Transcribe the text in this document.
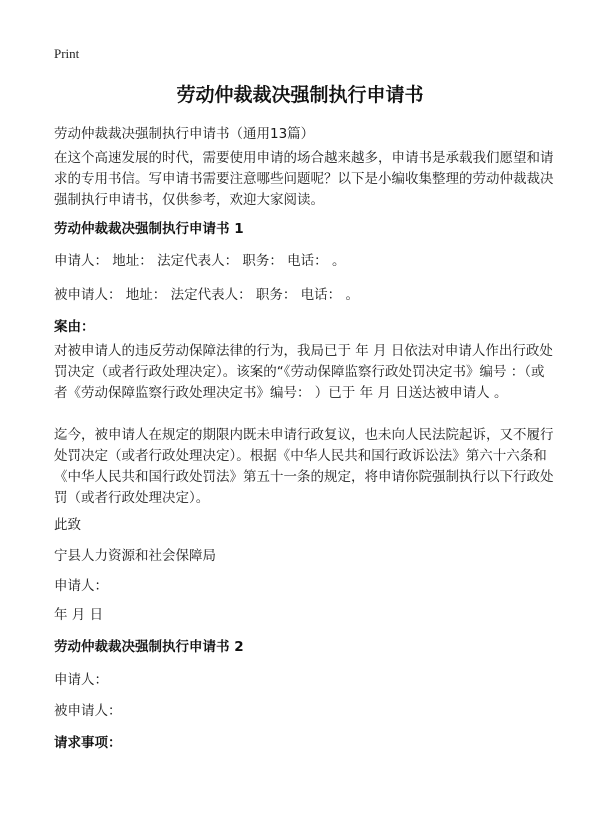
Print
劳动仲裁裁决强制执行申请书
劳动仲裁裁决强制执行申请书（通用13篇）
在这个高速发展的时代，需要使用申请的场合越来越多，申请书是承载我们愿望和请求的专用书信。写申请书需要注意哪些问题呢？以下是小编收集整理的劳动仲裁裁决强制执行申请书，仅供参考，欢迎大家阅读。
劳动仲裁裁决强制执行申请书 1
申请人： 地址： 法定代表人： 职务： 电话： 。
被申请人： 地址： 法定代表人： 职务： 电话： 。
案由：
对被申请人的违反劳动保障法律的行为，我局已于 年 月 日依法对申请人作出行政处罚决定（或者行政处理决定）。该案的“《劳动保障监察行政处罚决定书》编号 ：（或者《劳动保障监察行政处理决定书》编号： ）已于 年 月 日送达被申请人 。
迄今，被申请人在规定的期限内既未申请行政复议，也未向人民法院起诉，又不履行处罚决定（或者行政处理决定）。根据《中华人民共和国行政诉讼法》第六十六条和《中华人民共和国行政处罚法》第五十一条的规定，将申请你院强制执行以下行政处罚（或者行政处理决定）。
此致
宁县人力资源和社会保障局
申请人：
年 月 日
劳动仲裁裁决强制执行申请书 2
申请人：
被申请人：
请求事项：
